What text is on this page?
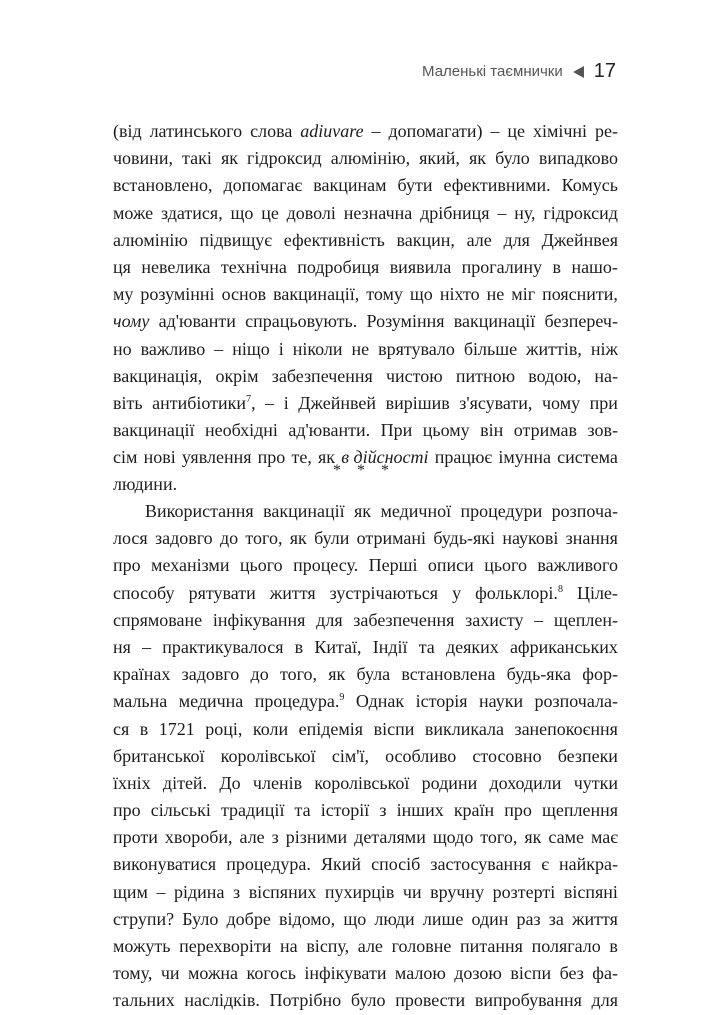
Маленькі таємнички 17
(від латинського слова adiuvare – допомагати) – це хімічні ре-
човини, такі як гідроксид алюмінію, який, як було випадково
встановлено, допомагає вакцинам бути ефективними. Комусь
може здатися, що це доволі незначна дрібниця – ну, гідроксид
алюмінію підвищує ефективність вакцин, але для Джейнвея
ця невелика технічна подробиця виявила прогалину в нашо-
му розумінні основ вакцинації, тому що ніхто не міг пояснити,
чому ад'юванти спрацьовують. Розуміння вакцинації безпереч-
но важливо – ніщо і ніколи не врятувало більше життів, ніж
вакцинація, окрім забезпечення чистою питною водою, на-
віть антибіотики$^7$, – і Джейнвей вирішив з'ясувати, чому при
вакцинації необхідні ад'юванти. При цьому він отримав зов-
сім нові уявлення про те, як в дійсності працює імунна система
людини.
* * *
Використання вакцинації як медичної процедури розпоча-
лося задовго до того, як були отримані будь-які наукові знання
про механізми цього процесу. Перші описи цього важливого
способу рятувати життя зустрічаються у фольклорі.$^8$ Ціле-
спрямоване інфікування для забезпечення захисту – щеплен-
ня – практикувалося в Китаї, Індії та деяких африканських
країнах задовго до того, як була встановлена будь-яка фор-
мальна медична процедура.$^9$ Однак історія науки розпочала-
ся в 1721 році, коли епідемія віспи викликала занепокоєння
британської королівської сім'ї, особливо стосовно безпеки
їхніх дітей. До членів королівської родини доходили чутки
про сільські традиції та історії з інших країн про щеплення
проти хвороби, але з різними деталями щодо того, як саме має
виконуватися процедура. Який спосіб застосування є найкра-
щим – рідина з віспяних пухирців чи вручну розтерті віспяні
струпи? Було добре відомо, що люди лише один раз за життя
можуть перехворіти на віспу, але головне питання полягало в
тому, чи можна когось інфікувати малою дозою віспи без фа-
тальних наслідків. Потрібно було провести випробування для
